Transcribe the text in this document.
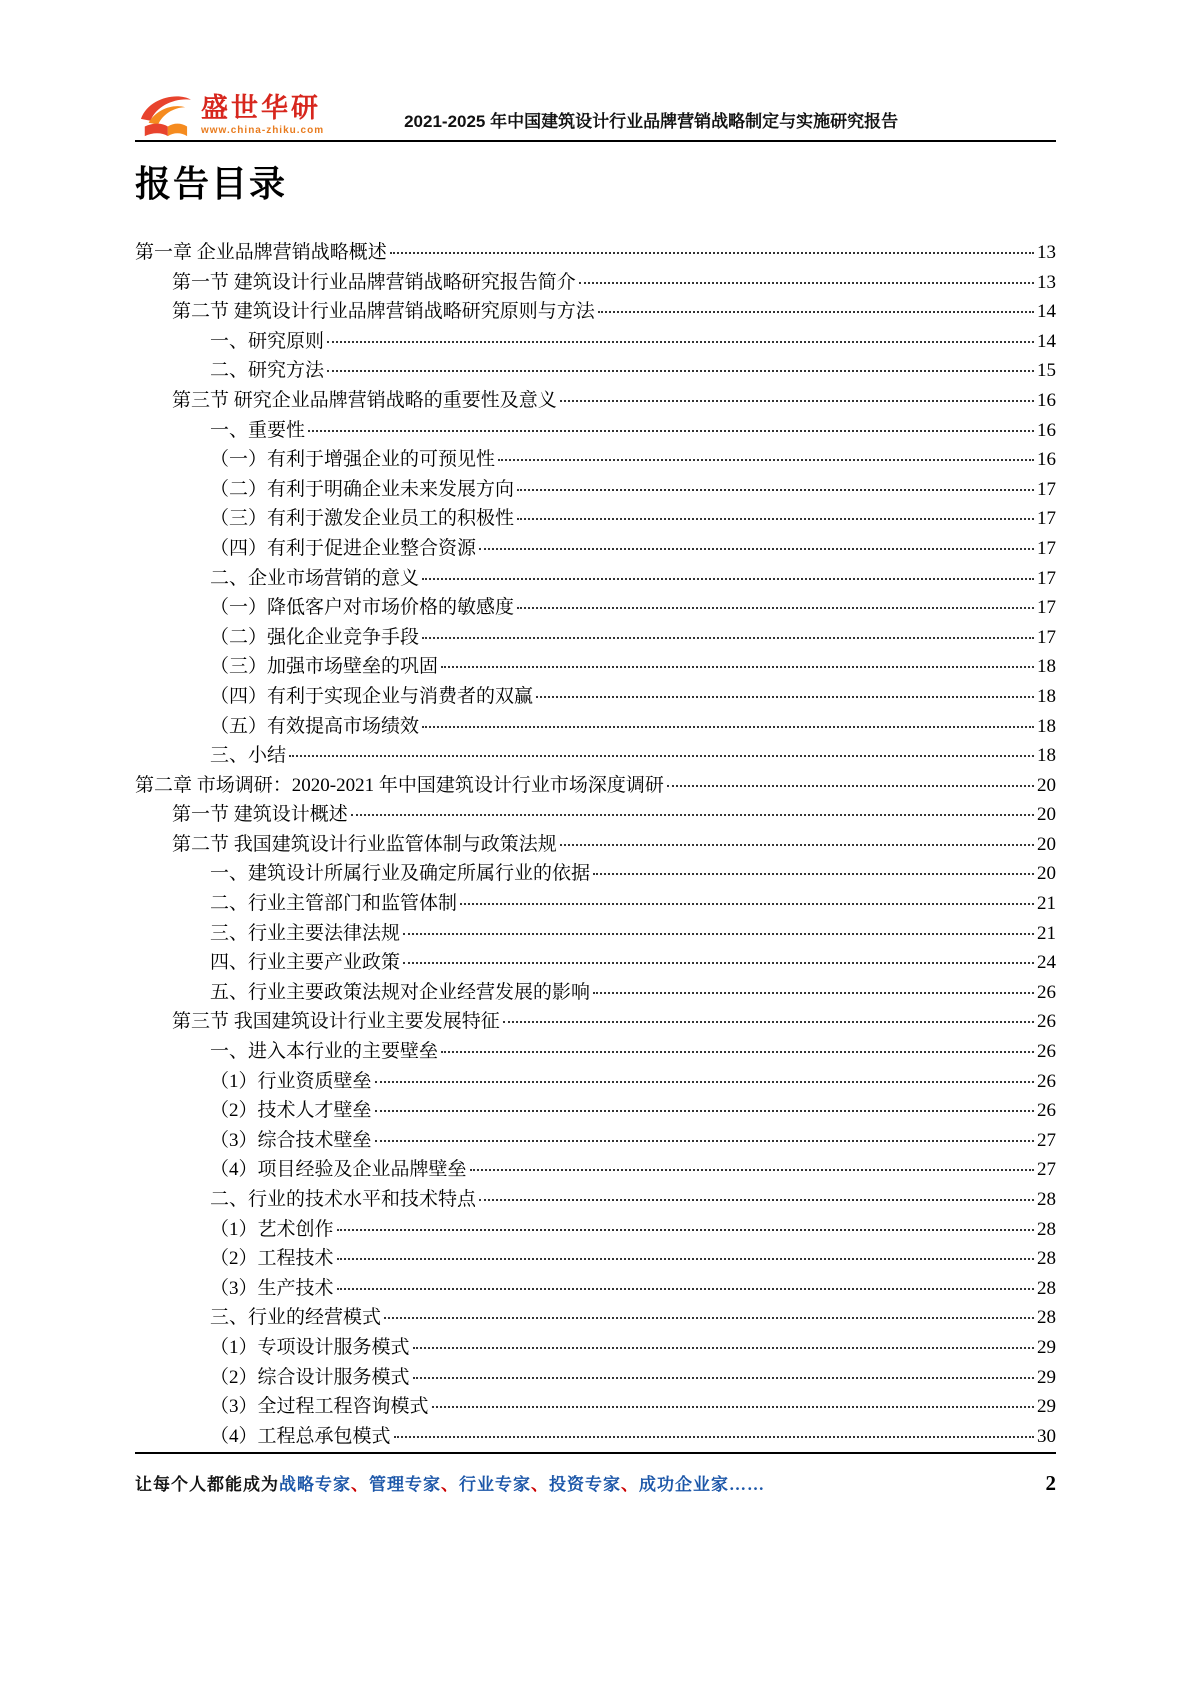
盛世华研
www.china-zhiku.com	2021-2025 年中国建筑设计行业品牌营销战略制定与实施研究报告
报告目录
第一章 企业品牌营销战略概述	13
第一节 建筑设计行业品牌营销战略研究报告简介	13
第二节 建筑设计行业品牌营销战略研究原则与方法	14
一、研究原则	14
二、研究方法	15
第三节 研究企业品牌营销战略的重要性及意义	16
一、重要性	16
（一）有利于增强企业的可预见性	16
（二）有利于明确企业未来发展方向	17
（三）有利于激发企业员工的积极性	17
（四）有利于促进企业整合资源	17
二、企业市场营销的意义	17
（一）降低客户对市场价格的敏感度	17
（二）强化企业竞争手段	17
（三）加强市场壁垒的巩固	18
（四）有利于实现企业与消费者的双赢	18
（五）有效提高市场绩效	18
三、小结	18
第二章 市场调研：2020-2021 年中国建筑设计行业市场深度调研	20
第一节 建筑设计概述	20
第二节 我国建筑设计行业监管体制与政策法规	20
一、建筑设计所属行业及确定所属行业的依据	20
二、行业主管部门和监管体制	21
三、行业主要法律法规	21
四、行业主要产业政策	24
五、行业主要政策法规对企业经营发展的影响	26
第三节 我国建筑设计行业主要发展特征	26
一、进入本行业的主要壁垒	26
（1）行业资质壁垒	26
（2）技术人才壁垒	26
（3）综合技术壁垒	27
（4）项目经验及企业品牌壁垒	27
二、行业的技术水平和技术特点	28
（1）艺术创作	28
（2）工程技术	28
（3）生产技术	28
三、行业的经营模式	28
（1）专项设计服务模式	29
（2）综合设计服务模式	29
（3）全过程工程咨询模式	29
（4）工程总承包模式	30
让每个人都能成为战略专家、管理专家、行业专家、投资专家、成功企业家……	2
